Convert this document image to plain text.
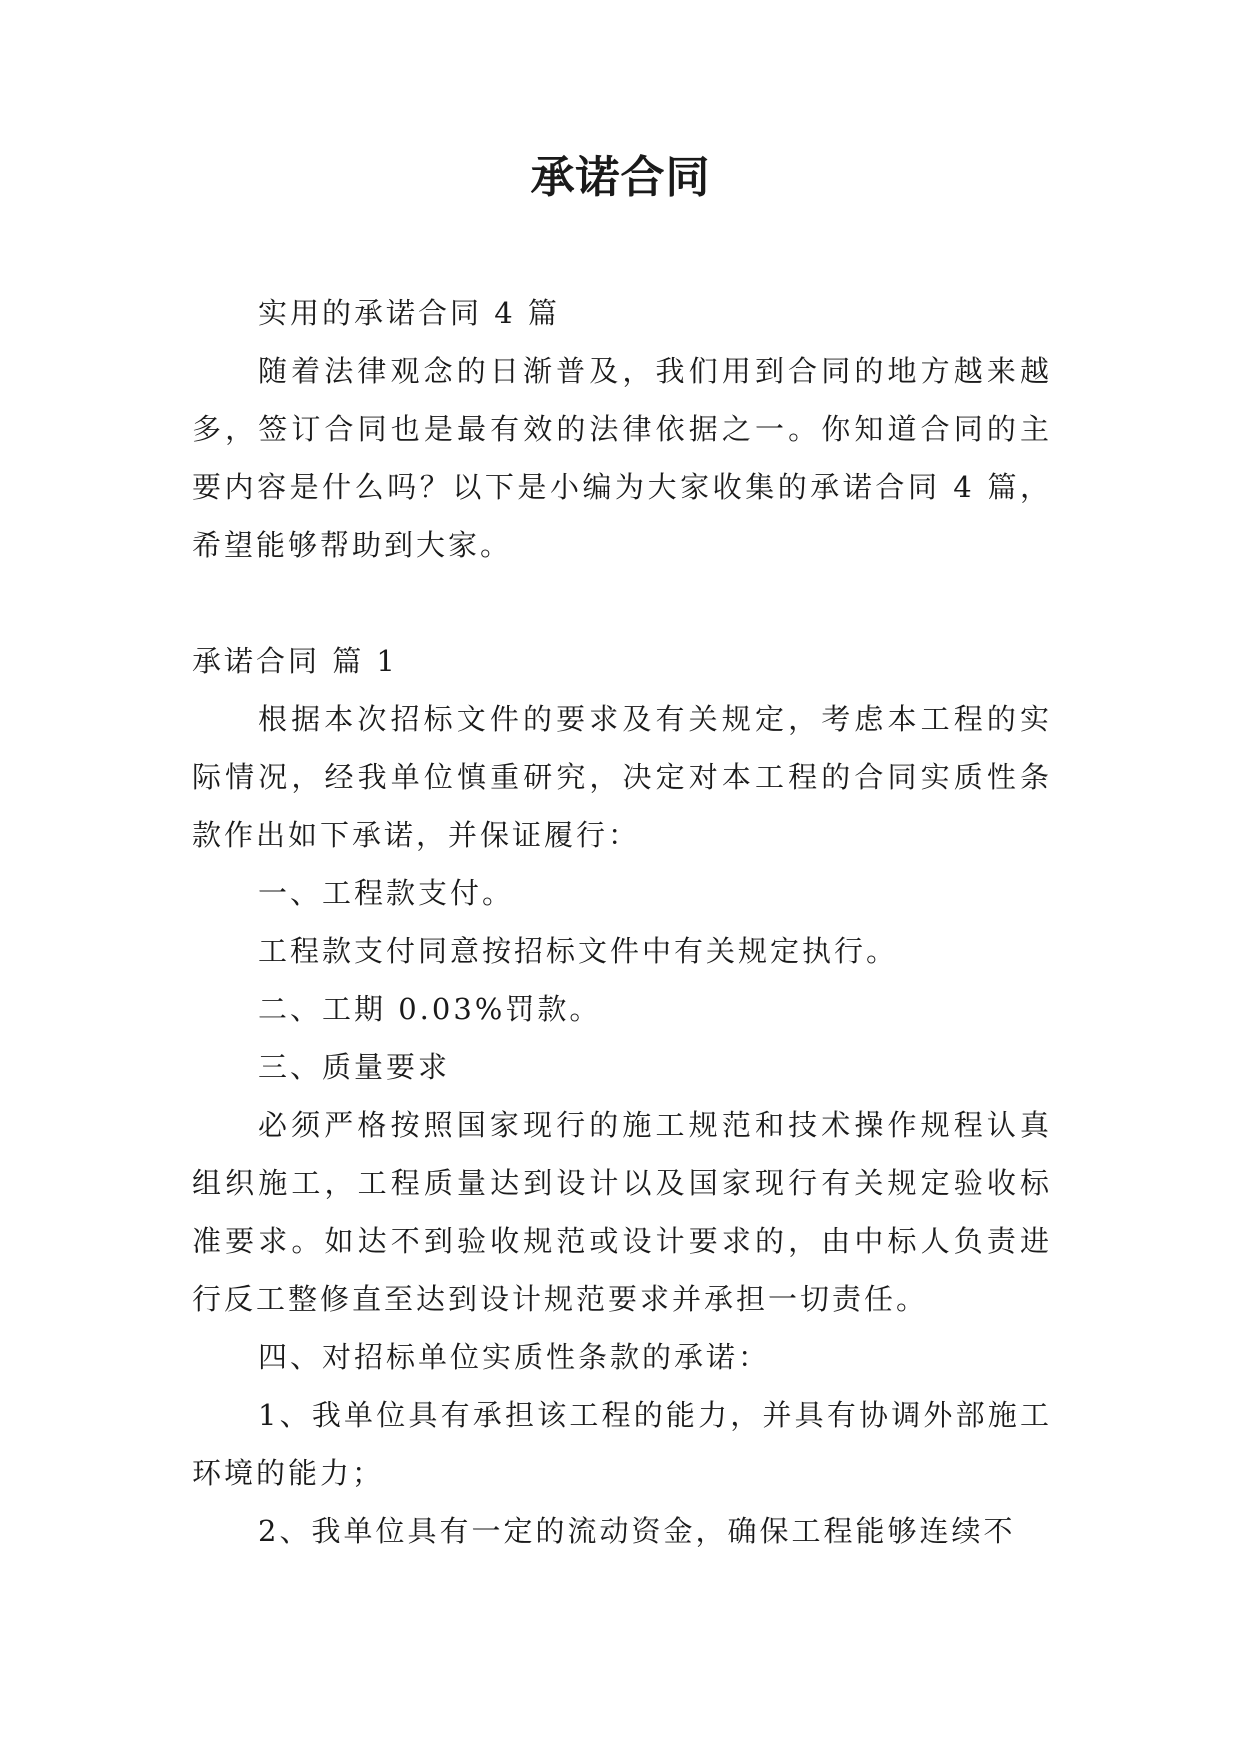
承诺合同

实用的承诺合同 4 篇

随着法律观念的日渐普及，我们用到合同的地方越来越多，签订合同也是最有效的法律依据之一。你知道合同的主要内容是什么吗？以下是小编为大家收集的承诺合同 4 篇，希望能够帮助到大家。

承诺合同 篇 1

根据本次招标文件的要求及有关规定，考虑本工程的实际情况，经我单位慎重研究，决定对本工程的合同实质性条款作出如下承诺，并保证履行：

一、工程款支付。

工程款支付同意按招标文件中有关规定执行。

二、工期 0.03%罚款。

三、质量要求

必须严格按照国家现行的施工规范和技术操作规程认真组织施工，工程质量达到设计以及国家现行有关规定验收标准要求。如达不到验收规范或设计要求的，由中标人负责进行反工整修直至达到设计规范要求并承担一切责任。

四、对招标单位实质性条款的承诺：

1、我单位具有承担该工程的能力，并具有协调外部施工环境的能力；

2、我单位具有一定的流动资金，确保工程能够连续不
